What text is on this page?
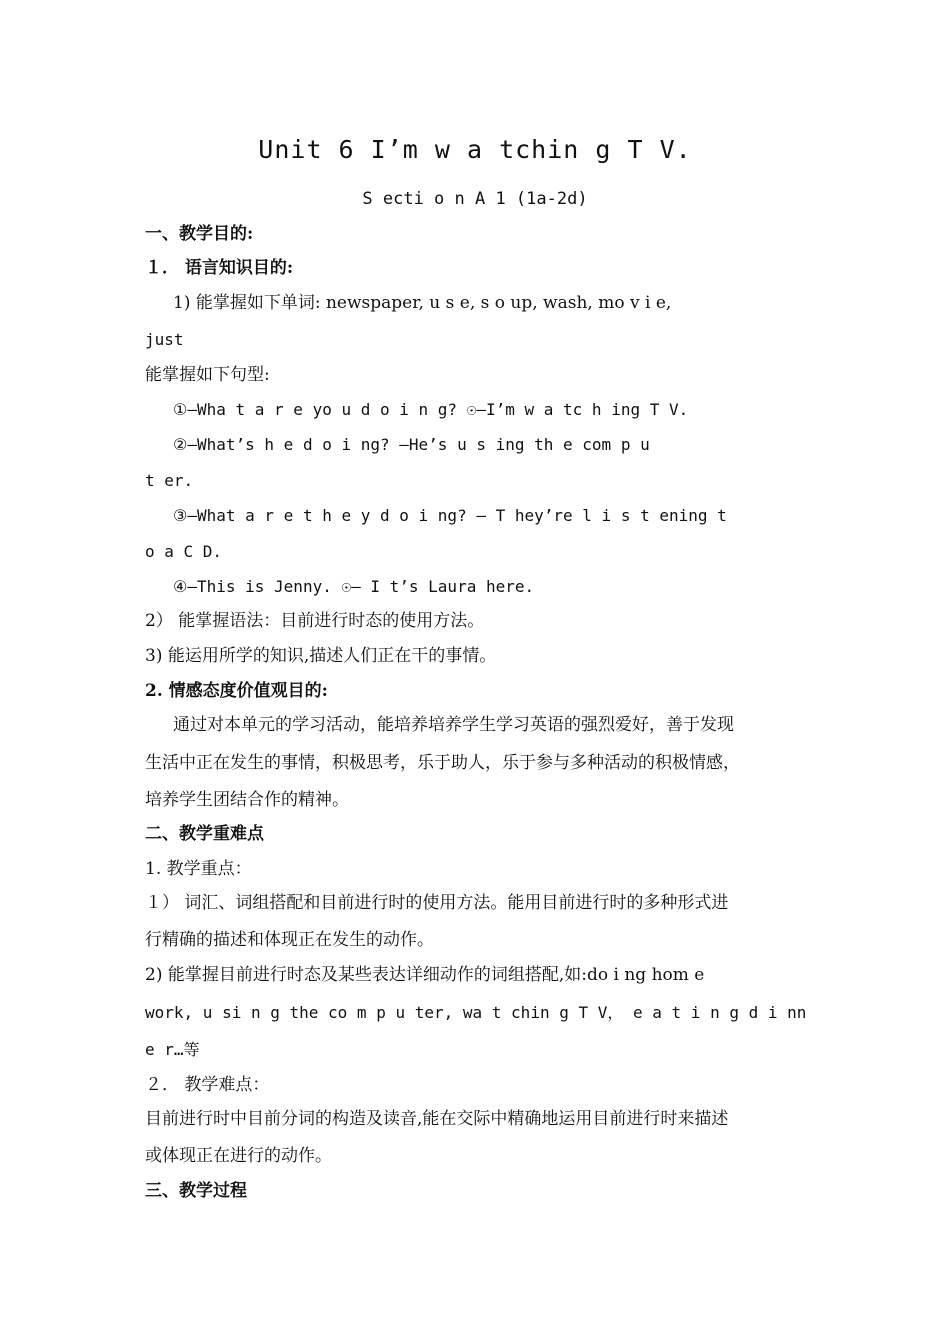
Unit 6 I’m w a tchin g T V.
S ecti o n A 1 (1a-2d)
一、教学目的:
１． 语言知识目的:
1) 能掌握如下单词: newspaper, u s e, s o up, wash, mo v i e,
just
能掌握如下句型:
①—Wha t a r e yo u d o i n g? ☉—I’m w a tc h ing T V.
②—What’s h e d o i ng? —He’s u s ing th e com p u
t er.
③—What a r e t h e y d o i ng? — T hey’re l i s t ening t
o a C D.
④—This is Jenny. ☉— I t’s Laura here.
2） 能掌握语法：目前进行时态的使用方法。
3) 能运用所学的知识,描述人们正在干的事情。
2. 情感态度价值观目的:
通过对本单元的学习活动，能培养培养学生学习英语的强烈爱好，善于发现
生活中正在发生的事情，积极思考，乐于助人，乐于参与多种活动的积极情感，
培养学生团结合作的精神。
二、教学重难点
1. 教学重点：
１） 词汇、词组搭配和目前进行时的使用方法。能用目前进行时的多种形式进
行精确的描述和体现正在发生的动作。
2) 能掌握目前进行时态及某些表达详细动作的词组搭配,如:do i ng hom e
work, u si n g the co m p u ter, wa t chin g T V， e a t i n g d i nn
e r…等
２． 教学难点：
目前进行时中目前分词的构造及读音,能在交际中精确地运用目前进行时来描述
或体现正在进行的动作。
三、教学过程
